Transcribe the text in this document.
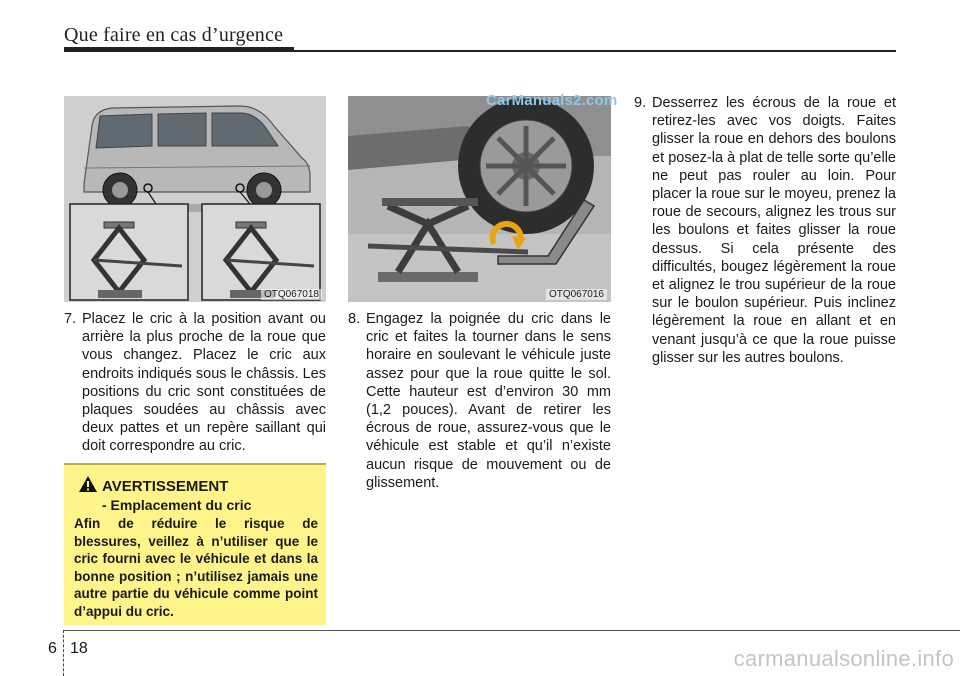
Que faire en cas d’urgence
OTQ067018	OTQ067016
CarManuals2.com
7. Placez le cric à la position avant ou arrière la plus proche de la roue que vous changez. Placez le cric aux endroits indiqués sous le châssis. Les positions du cric sont constituées de plaques soudées au châssis avec deux pattes et un repère saillant qui doit correspondre au cric.
8. Engagez la poignée du cric dans le cric et faites la tourner dans le sens horaire en soulevant le véhicule juste assez pour que la roue quitte le sol. Cette hauteur est d’environ 30 mm (1,2 pouces). Avant de retirer les écrous de roue, assurez-vous que le véhicule est stable et qu’il n’existe aucun risque de mouvement ou de glissement.
9. Desserrez les écrous de la roue et retirez-les avec vos doigts. Faites glisser la roue en dehors des boulons et posez-la à plat de telle sorte qu’elle ne peut pas rouler au loin. Pour placer la roue sur le moyeu, prenez la roue de secours, alignez les trous sur les boulons et faites glisser la roue dessus. Si cela présente des difficultés, bougez légèrement la roue et alignez le trou supérieur de la roue sur le boulon supérieur. Puis inclinez légèrement la roue en allant et en venant jusqu’à ce que la roue puisse glisser sur les autres boulons.
AVERTISSEMENT
- Emplacement du cric
Afin de réduire le risque de blessures, veillez à n’utiliser que le cric fourni avec le véhicule et dans la bonne position ; n’utilisez jamais une autre partie du véhicule comme point d’appui du cric.
6 18	carmanualsonline.info
